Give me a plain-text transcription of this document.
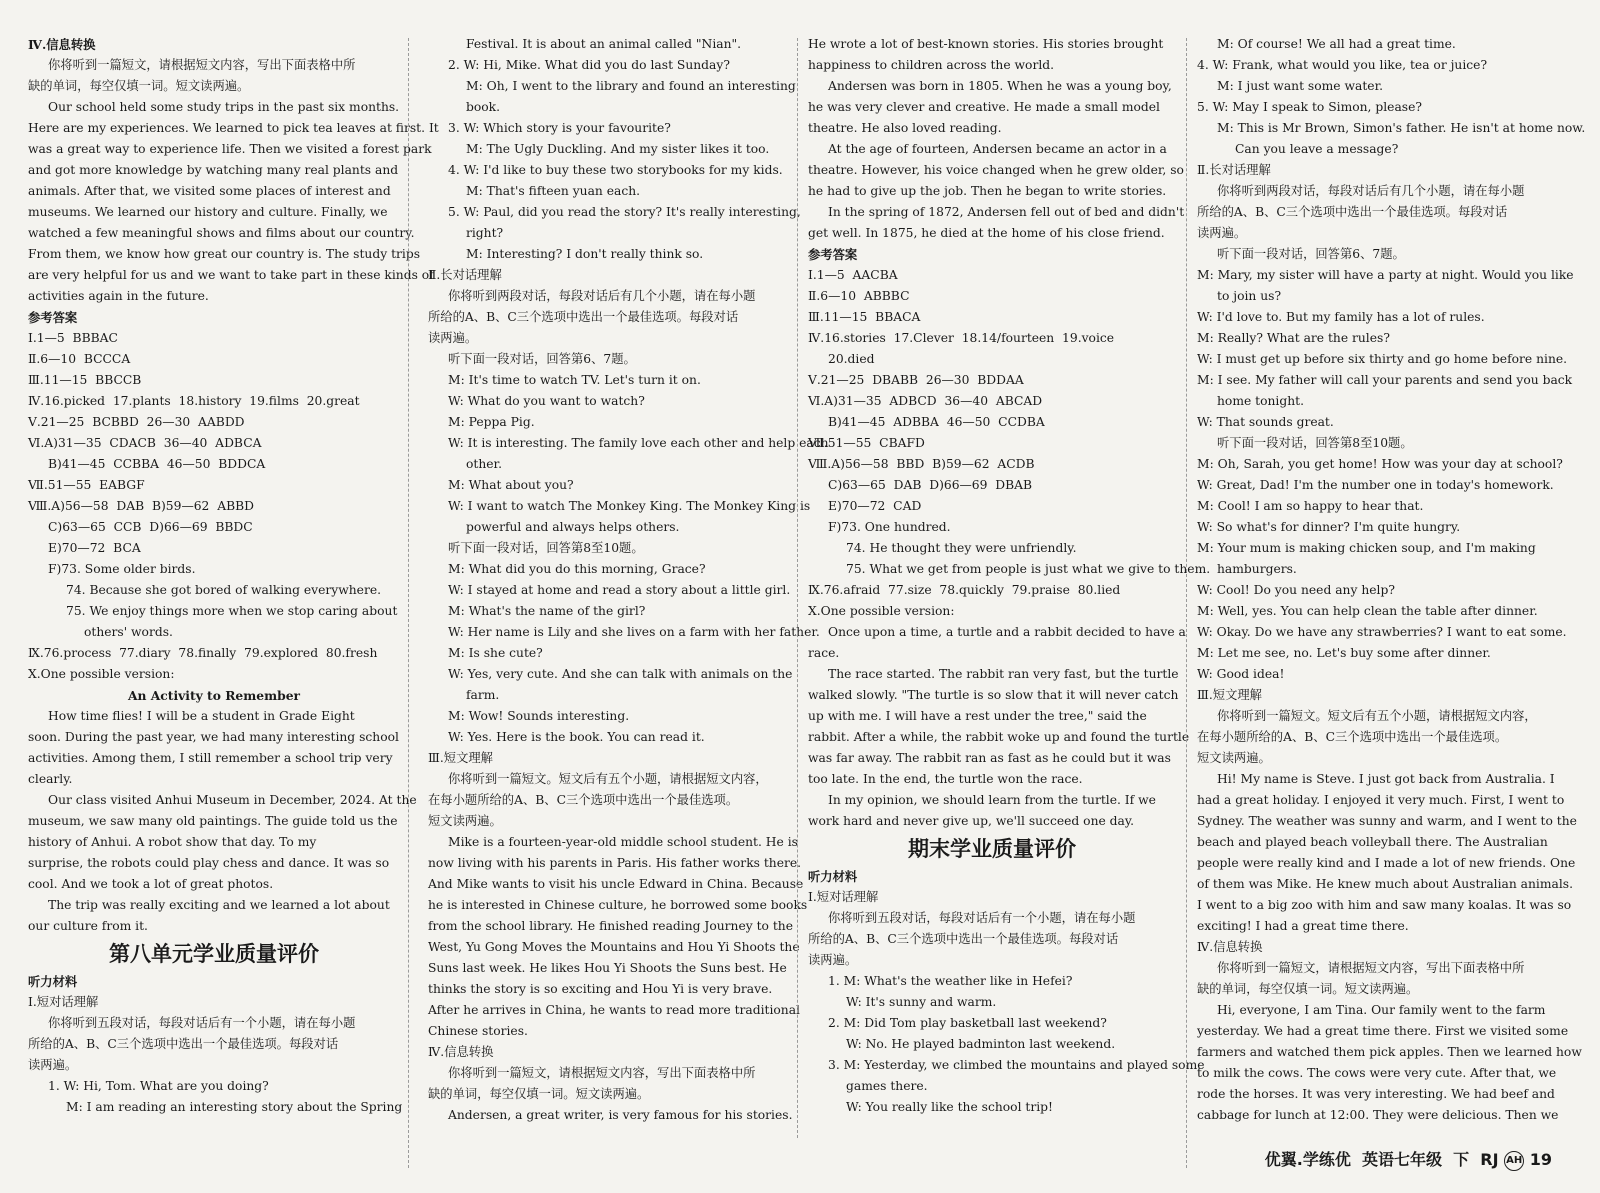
Ⅳ.信息转换
你将听到一篇短文，请根据短文内容，写出下面表格中所
缺的单词，每空仅填一词。短文读两遍。
Our school held some study trips in the past six months.
Here are my experiences. We learned to pick tea leaves at first. It
was a great way to experience life. Then we visited a forest park
and got more knowledge by watching many real plants and
animals. After that, we visited some places of interest and
museums. We learned our history and culture. Finally, we
watched a few meaningful shows and films about our country.
From them, we know how great our country is. The study trips
are very helpful for us and we want to take part in these kinds of
activities again in the future.
参考答案
Ⅰ.1—5  BBBAC
Ⅱ.6—10  BCCCA
Ⅲ.11—15  BBCCB
Ⅳ.16.picked  17.plants  18.history  19.films  20.great
Ⅴ.21—25  BCBBD  26—30  AABDD
Ⅵ.A)31—35  CDACB  36—40  ADBCA
B)41—45  CCBBA  46—50  BDDCA
Ⅶ.51—55  EABGF
Ⅷ.A)56—58  DAB  B)59—62  ABBD
C)63—65  CCB  D)66—69  BBDC
E)70—72  BCA
F)73. Some older birds.
74. Because she got bored of walking everywhere.
75. We enjoy things more when we stop caring about
others' words.
Ⅸ.76.process  77.diary  78.finally  79.explored  80.fresh
Ⅹ.One possible version:
An Activity to Remember
How time flies! I will be a student in Grade Eight
soon. During the past year, we had many interesting school
activities. Among them, I still remember a school trip very
clearly.
Our class visited Anhui Museum in December, 2024. At the
museum, we saw many old paintings. The guide told us the
history of Anhui. A robot show that day. To my
surprise, the robots could play chess and dance. It was so
cool. And we took a lot of great photos.
The trip was really exciting and we learned a lot about
our culture from it.
第八单元学业质量评价
听力材料
Ⅰ.短对话理解
你将听到五段对话，每段对话后有一个小题，请在每小题
所给的A、B、C三个选项中选出一个最佳选项。每段对话
读两遍。
1. W: Hi, Tom. What are you doing?
M: I am reading an interesting story about the Spring
Festival. It is about an animal called "Nian".
2. W: Hi, Mike. What did you do last Sunday?
M: Oh, I went to the library and found an interesting
book.
3. W: Which story is your favourite?
M: The Ugly Duckling. And my sister likes it too.
4. W: I'd like to buy these two storybooks for my kids.
M: That's fifteen yuan each.
5. W: Paul, did you read the story? It's really interesting,
right?
M: Interesting? I don't really think so.
Ⅱ.长对话理解
你将听到两段对话，每段对话后有几个小题，请在每小题
所给的A、B、C三个选项中选出一个最佳选项。每段对话
读两遍。
听下面一段对话，回答第6、7题。
M: It's time to watch TV. Let's turn it on.
W: What do you want to watch?
M: Peppa Pig.
W: It is interesting. The family love each other and help each
other.
M: What about you?
W: I want to watch The Monkey King. The Monkey King is
powerful and always helps others.
听下面一段对话，回答第8至10题。
M: What did you do this morning, Grace?
W: I stayed at home and read a story about a little girl.
M: What's the name of the girl?
W: Her name is Lily and she lives on a farm with her father.
M: Is she cute?
W: Yes, very cute. And she can talk with animals on the
farm.
M: Wow! Sounds interesting.
W: Yes. Here is the book. You can read it.
Ⅲ.短文理解
你将听到一篇短文。短文后有五个小题，请根据短文内容，
在每小题所给的A、B、C三个选项中选出一个最佳选项。
短文读两遍。
Mike is a fourteen-year-old middle school student. He is
now living with his parents in Paris. His father works there.
And Mike wants to visit his uncle Edward in China. Because
he is interested in Chinese culture, he borrowed some books
from the school library. He finished reading Journey to the
West, Yu Gong Moves the Mountains and Hou Yi Shoots the
Suns last week. He likes Hou Yi Shoots the Suns best. He
thinks the story is so exciting and Hou Yi is very brave.
After he arrives in China, he wants to read more traditional
Chinese stories.
Ⅳ.信息转换
你将听到一篇短文，请根据短文内容，写出下面表格中所
缺的单词，每空仅填一词。短文读两遍。
Andersen, a great writer, is very famous for his stories.
He wrote a lot of best-known stories. His stories brought
happiness to children across the world.
Andersen was born in 1805. When he was a young boy,
he was very clever and creative. He made a small model
theatre. He also loved reading.
At the age of fourteen, Andersen became an actor in a
theatre. However, his voice changed when he grew older, so
he had to give up the job. Then he began to write stories.
In the spring of 1872, Andersen fell out of bed and didn't
get well. In 1875, he died at the home of his close friend.
参考答案
Ⅰ.1—5  AACBA
Ⅱ.6—10  ABBBC
Ⅲ.11—15  BBACA
Ⅳ.16.stories  17.Clever  18.14/fourteen  19.voice
20.died
Ⅴ.21—25  DBABB  26—30  BDDAA
Ⅵ.A)31—35  ADBCD  36—40  ABCAD
B)41—45  ADBBA  46—50  CCDBA
Ⅶ.51—55  CBAFD
Ⅷ.A)56—58  BBD  B)59—62  ACDB
C)63—65  DAB  D)66—69  DBAB
E)70—72  CAD
F)73. One hundred.
74. He thought they were unfriendly.
75. What we get from people is just what we give to them.
Ⅸ.76.afraid  77.size  78.quickly  79.praise  80.lied
Ⅹ.One possible version:
Once upon a time, a turtle and a rabbit decided to have a
race.
The race started. The rabbit ran very fast, but the turtle
walked slowly. "The turtle is so slow that it will never catch
up with me. I will have a rest under the tree," said the
rabbit. After a while, the rabbit woke up and found the turtle
was far away. The rabbit ran as fast as he could but it was
too late. In the end, the turtle won the race.
In my opinion, we should learn from the turtle. If we
work hard and never give up, we'll succeed one day.
期末学业质量评价
听力材料
Ⅰ.短对话理解
你将听到五段对话，每段对话后有一个小题，请在每小题
所给的A、B、C三个选项中选出一个最佳选项。每段对话
读两遍。
1. M: What's the weather like in Hefei?
W: It's sunny and warm.
2. M: Did Tom play basketball last weekend?
W: No. He played badminton last weekend.
3. M: Yesterday, we climbed the mountains and played some
games there.
W: You really like the school trip!
M: Of course! We all had a great time.
4. W: Frank, what would you like, tea or juice?
M: I just want some water.
5. W: May I speak to Simon, please?
M: This is Mr Brown, Simon's father. He isn't at home now.
Can you leave a message?
Ⅱ.长对话理解
你将听到两段对话，每段对话后有几个小题，请在每小题
所给的A、B、C三个选项中选出一个最佳选项。每段对话
读两遍。
听下面一段对话，回答第6、7题。
M: Mary, my sister will have a party at night. Would you like
to join us?
W: I'd love to. But my family has a lot of rules.
M: Really? What are the rules?
W: I must get up before six thirty and go home before nine.
M: I see. My father will call your parents and send you back
home tonight.
W: That sounds great.
听下面一段对话，回答第8至10题。
M: Oh, Sarah, you get home! How was your day at school?
W: Great, Dad! I'm the number one in today's homework.
M: Cool! I am so happy to hear that.
W: So what's for dinner? I'm quite hungry.
M: Your mum is making chicken soup, and I'm making
hamburgers.
W: Cool! Do you need any help?
M: Well, yes. You can help clean the table after dinner.
W: Okay. Do we have any strawberries? I want to eat some.
M: Let me see, no. Let's buy some after dinner.
W: Good idea!
Ⅲ.短文理解
你将听到一篇短文。短文后有五个小题，请根据短文内容，
在每小题所给的A、B、C三个选项中选出一个最佳选项。
短文读两遍。
Hi! My name is Steve. I just got back from Australia. I
had a great holiday. I enjoyed it very much. First, I went to
Sydney. The weather was sunny and warm, and I went to the
beach and played beach volleyball there. The Australian
people were really kind and I made a lot of new friends. One
of them was Mike. He knew much about Australian animals.
I went to a big zoo with him and saw many koalas. It was so
exciting! I had a great time there.
Ⅳ.信息转换
你将听到一篇短文，请根据短文内容，写出下面表格中所
缺的单词，每空仅填一词。短文读两遍。
Hi, everyone, I am Tina. Our family went to the farm
yesterday. We had a great time there. First we visited some
farmers and watched them pick apples. Then we learned how
to milk the cows. The cows were very cute. After that, we
rode the horses. It was very interesting. We had beef and
cabbage for lunch at 12:00. They were delicious. Then we
优翼.学练优  英语七年级  下  RJ AH 19
